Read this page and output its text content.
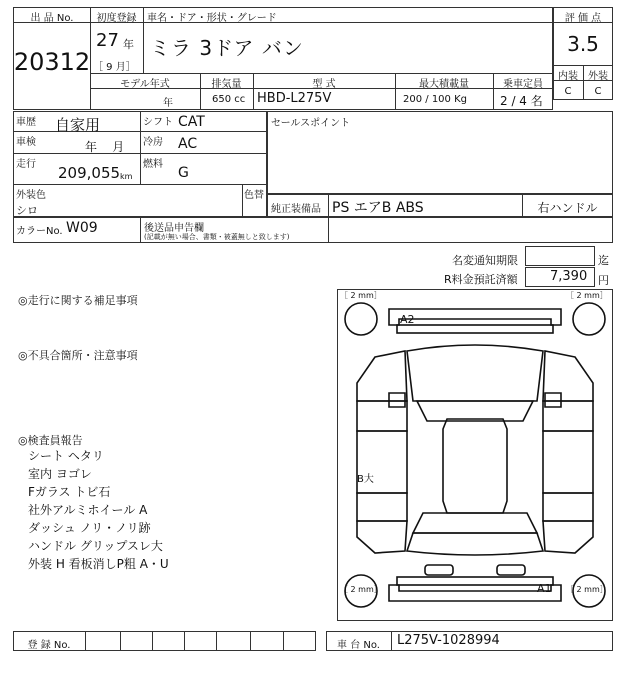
出 品 No.
20312
初度登録	車名・ドア・形状・グレード
27 年
［ 9 月］
ミラ 3ドア バン
モデル年式	排気量	型 式	最大積載量	乗車定員
年	650 cc HBD-L275V	200 / 100 Kg	2 / 4 名
評 価 点
3.5
内装	外装
C	C
車歴 自家用
車検	年    月
走行 209,055 km
シフト CAT
冷房 AC
燃料
G
外装色
シロ
色替
セールスポイント
純正装備品 PS エアB ABS	右ハンドル
カラーNo. W09	後送品申告欄
(記載が無い場合、書類・被蓋無しと致します)
名変通知期限	迄
R料金預託済額 7,390 円
◎走行に関する補足事項
◎不具合箇所・注意事項
◎検査員報告
シート ヘタリ
室内 ヨゴレ
Fガラス トビ石
社外アルミホイール A
ダッシュ ノリ・ノリ跡
ハンドル グリップスレ大
外装 H 看板消しP粗 A・U
［ 2 mm］	［ 2 mm］
［ 2 mm］	［ 2 mm］
A2
A1
B大
登 録 No.	車 台 No.	L275V-1028994
